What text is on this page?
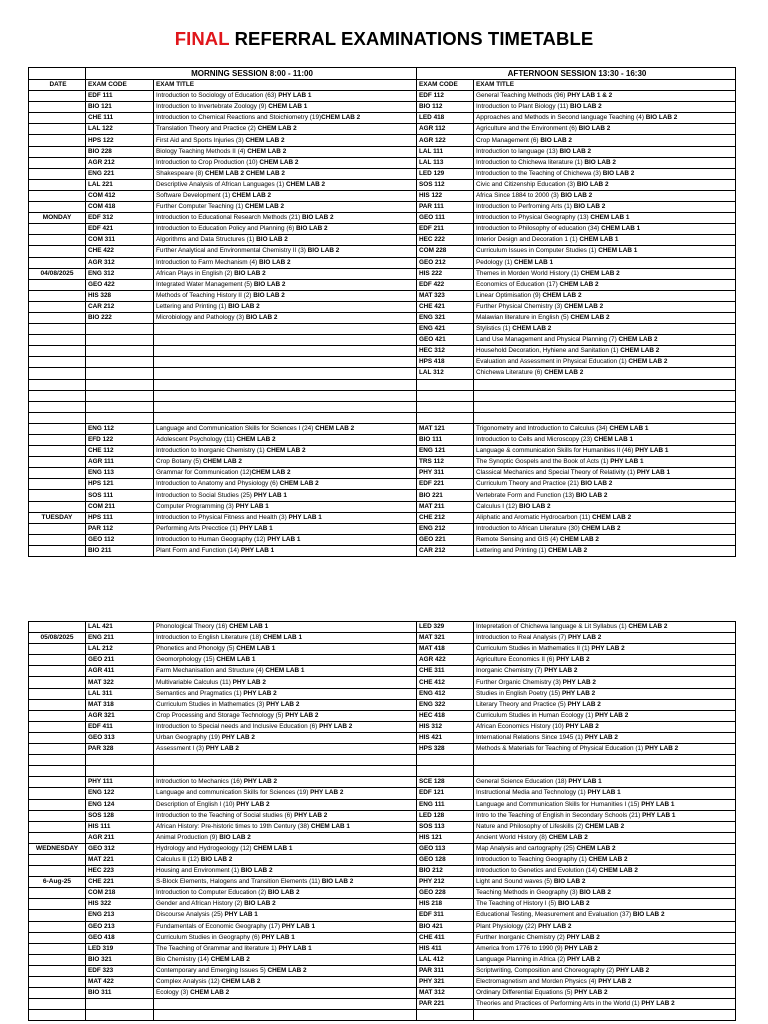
FINAL REFERRAL EXAMINATIONS TIMETABLE
	MORNING SESSION 8:00 - 11:00		AFTERNOON SESSION 13:30 - 16:30	
DATE	EXAM CODE	EXAM TITLE	EXAM CODE	EXAM TITLE
	EDF 111	Introduction to Sociology of Education (63) PHY LAB 1	EDF 112	General Teaching Methods (96) PHY LAB 1 & 2
	BIO 121	Introduction to Invertebrate Zoology (9) CHEM LAB 1	BIO 112	Introduction to Plant Biology (11) BIO LAB 2
	CHE 111	Introduction to Chemical Reactions and Stoichiometry (19)CHEM LAB 2	LED 418	Approaches and Methods in Second language Teaching (4) BIO LAB 2
	LAL 122	Translation Theory and Practice (2) CHEM LAB 2	AGR 112	Agriculture and the Environment (6) BIO LAB 2
	HPS 122	First Aid and Sports Injuries (3) CHEM LAB 2	AGR 122	Crop Management (6) BIO LAB 2
	BIO 228	Biology Teaching Methods II (4) CHEM LAB 2	LAL 111	Introduction to language (13) BIO LAB 2
	AGR 212	Introduction to Crop Production (10) CHEM LAB 2	LAL 113	Introduction to Chichewa literature (1) BIO LAB 2
	ENG 221	Shakespeare (8) CHEM LAB 2 CHEM LAB 2	LED 129	Introduction to the Teaching of Chichewa (3) BIO LAB 2
	LAL 221	Descriptive Analysis of African Languages (1) CHEM LAB 2	SOS 112	Civic and Citizenship Education (3) BIO LAB 2
	COM 412	Software Development (1) CHEM LAB 2	HIS 122	Africa Since 1884 to 2000 (3) BIO LAB 2
	COM 418	Further Computer Teaching (1) CHEM LAB 2	PAR 111	Introduction to Perfroming Arts (1) BIO LAB 2
MONDAY	EDF 312	Introduction to Educational Research Methods (21) BIO LAB 2	GEO 111	Introduction to Physical Geography (13) CHEM LAB 1
	EDF 421	Introduction to Education Policy and Planning (6) BIO LAB 2	EDF 211	Introduction to Philosophy of education (34) CHEM LAB 1
	COM 311	Algorithms and Data Structures (1) BIO LAB 2	HEC 222	Interior Design and Decoration 1 (1) CHEM LAB 1
	CHE 422	Further Analytical and Environmental Chemistry II (3) BIO LAB 2	COM 228	Curriculum Issues in Computer Studies (1) CHEM LAB 1
	AGR 312	Introduction to Farm Mechanism (4) BIO LAB 2	GEO 212	Pedology (1) CHEM LAB 1
04/08/2025	ENG 312	African Plays in English (2) BIO LAB 2	HIS 222	Themes in Morden World History (1) CHEM LAB 2
	GEO 422	Integrated Water Management (5) BIO LAB 2	EDF 422	Economics of Education (17) CHEM LAB 2
	HIS 328	Methods of Teaching History II (2) BIO LAB 2	MAT 323	Linear Optimisation (9) CHEM LAB 2
	CAR 212	Lettering and Printing (1) BIO LAB 2	CHE 421	Further Physical Chemistry (3) CHEM LAB 2
	BIO 222	Microbiology and Pathology (3) BIO LAB 2	ENG 321	Malawian literature in English (5) CHEM LAB 2
			ENG 421	Stylistics (1) CHEM LAB 2
			GEO 421	Land Use Management and Physical Planning (7) CHEM LAB 2
			HEC 312	Household Decoration, Hyhiene and Sanitation (1) CHEM LAB 2
			HPS 418	Evaluation and Assessment in Physical Education (1) CHEM LAB 2
			LAL 312	Chichewa Literature (6) CHEM LAB 2

	ENG 112	Language and Communication Skills for Sciences I (24) CHEM LAB 2	MAT 121	Trigonometry and Introduction to Calculus (34) CHEM LAB 1
	EFD 122	Adolescent Psychology (11) CHEM LAB 2	BIO 111	Introduction to Cells and Microscopy (23) CHEM LAB 1
	CHE 112	Introduction to Inorganic Chemistry (1) CHEM LAB 2	ENG 121	Language & communication Skills for Humanities II (46) PHY LAB 1
	AGR 111	Crop Botany (5) CHEM LAB 2	TRS 112	The Synoptic Gospels and the Book of Acts (1) PHY LAB 1
	ENG 113	Grammar for Communication (12)CHEM LAB 2	PHY 311	Classical Mechanics and Special Theory of Relativity (1) PHY LAB 1
	HPS 121	Introduction to Anatomy and Physiology (6) CHEM LAB 2	EDF 221	Curriculum Theory and Practice (21) BIO LAB 2
	SOS 111	Introduction to Social Studies (25) PHY LAB 1	BIO 221	Vertebrate Form and Function (13) BIO LAB 2
	COM 211	Computer Programming (3) PHY LAB 1	MAT 211	Calculus I (12) BIO LAB 2
TUESDAY	HPS 111	Introduction to Physical Fitness and Health (3) PHY LAB 1	CHE 212	Aliphatic and Aromatic Hydrocarbon (11) CHEM LAB 2
	PAR 112	Performing Arts Precctice (1) PHY LAB 1	ENG 212	Introduction to African Literature (30) CHEM LAB 2
	GEO 112	Introduction to Human Geography (12) PHY LAB 1	GEO 221	Remote Sensing and GIS (4) CHEM LAB 2
	BIO 211	Plant Form and Function (14) PHY LAB 1	CAR 212	Lettering and Printing (1) CHEM LAB 2
	LAL 421	Phonological Theory (16) CHEM LAB 1	LED 329	Intepretation of Chichewa language & Lit Syllabus (1) CHEM LAB 2
05/08/2025	ENG 211	Introduction to English Literature (18) CHEM LAB 1	MAT 321	Introduction to Real Analysis (7) PHY LAB 2
	LAL 212	Phonetics and Phonolgy (5) CHEM LAB 1	MAT 418	Curriculum Studies in Mathematics II (1) PHY LAB 2
	GEO 211	Geomorphology (15) CHEM LAB 1	AGR 422	Agriculture Economics II (6) PHY LAB 2
	AGR 411	Farm Mechanisation and Structure (4) CHEM LAB 1	CHE 311	Inorganic Chemistry (7) PHY LAB 2
	MAT 322	Multivariable Calculus (11) PHY LAB 2	CHE 412	Further Organic Chemistry (3) PHY LAB 2
	LAL 311	Semantics and Pragmatics (1) PHY LAB 2	ENG 412	Studies in English Poetry (15) PHY LAB 2
	MAT 318	Curriculum Studies in Mathematics (3) PHY LAB 2	ENG 322	Literary Theory and Practice (5) PHY LAB 2
	AGR 321	Crop Processing and Storage Technology (5) PHY LAB 2	HEC 418	Curriculum Studies in Human Ecology (1) PHY LAB 2
	EDF 411	Introduction to Special needs and Inclusive Education (6) PHY LAB 2	HIS 312	African Economics History (10) PHY LAB 2
	GEO 313	Urban Geography (19) PHY LAB 2	HIS 421	International Relations Since 1945 (1) PHY LAB 2
	PAR 328	Assessment I (3) PHY LAB 2	HPS 328	Methods & Materials for Teaching of Physical Education (1) PHY LAB 2

	PHY 111	Introduction to Mechanics (16) PHY LAB 2	SCE 128	General Science Education (18) PHY LAB 1
	ENG 122	Language and communication Skills for Sciences (19) PHY LAB 2	EDF 121	Instructional Media and Technology (1) PHY LAB 1
	ENG 124	Description of English I (10) PHY LAB 2	ENG 111	Language and Communication Skills for Humanities I (15) PHY LAB 1
	SOS 128	Introduction to the Teaching of Social studies (6) PHY LAB 2	LED 128	Intro to the Teaching of English in Secondary Schools (21) PHY LAB 1
	HIS 111	African History: Pre-historic times to 19th Century (38) CHEM LAB 1	SOS 113	Nature and Philosophy of Lifeskills (2) CHEM LAB 2
	AGR 211	Animal Production (9) BIO LAB 2	HIS 121	Ancient World History (8) CHEM LAB 2
WEDNESDAY	GEO 312	Hydrology and Hydrogeology (12) CHEM LAB 1	GEO 113	Map Analysis and cartography (25) CHEM LAB 2
	MAT 221	Calculus II (12) BIO LAB 2	GEO 128	Introduction to Teaching Geography (1) CHEM LAB 2
	HEC 223	Housing and Environment (1) BIO LAB 2	BIO 212	Introduction to Genetics and Evolution (14) CHEM LAB 2
6-Aug-25	CHE 221	S-Block Elements, Halogens and Transition Elements (11) BIO LAB 2	PHY 212	Light and Sound waves (5) BIO LAB 2
	COM 218	Introduction to Computer Education (2) BIO LAB 2	GEO 228	Teaching Methods in Geography (3) BIO LAB 2
	HIS 322	Gender and African History (2) BIO LAB 2	HIS 218	The Teaching of History I (5) BIO LAB 2
	ENG 213	Discourse Analysis (25) PHY LAB 1	EDF 311	Educational Testing, Measurement and Evaluation (37) BIO LAB 2
	GEO 213	Fundamentals of Economic Geography (17) PHY LAB 1	BIO 421	Plant Physiology (22) PHY LAB 2
	GEO 418	Curriculum Studies in Geography (6) PHY LAB 1	CHE 411	Further Inorganic Chemistry (2) PHY LAB 2
	LED 319	The Teaching of Grammar and literature 1) PHY LAB 1	HIS 411	America from 1776 to 1990 (9) PHY LAB 2
	BIO 321	Bio Chemistry (14) CHEM LAB 2	LAL 412	Language Planning in Africa (2) PHY LAB 2
	EDF 323	Contemporary and Emerging Issues 5) CHEM LAB 2	PAR 311	Scriptwriting, Composition and Choreography (2) PHY LAB 2
	MAT 422	Complex Analysis (12) CHEM LAB 2	PHY 321	Electromagnetism and Morden Physics (4) PHY LAB 2
	BIO 311	Ecology (3) CHEM LAB 2	MAT 312	Ordinary Differential Equations (5) PHY LAB 2
			PAR 221	Theories and Practices of Performing Arts in the World (1) PHY LAB 2
